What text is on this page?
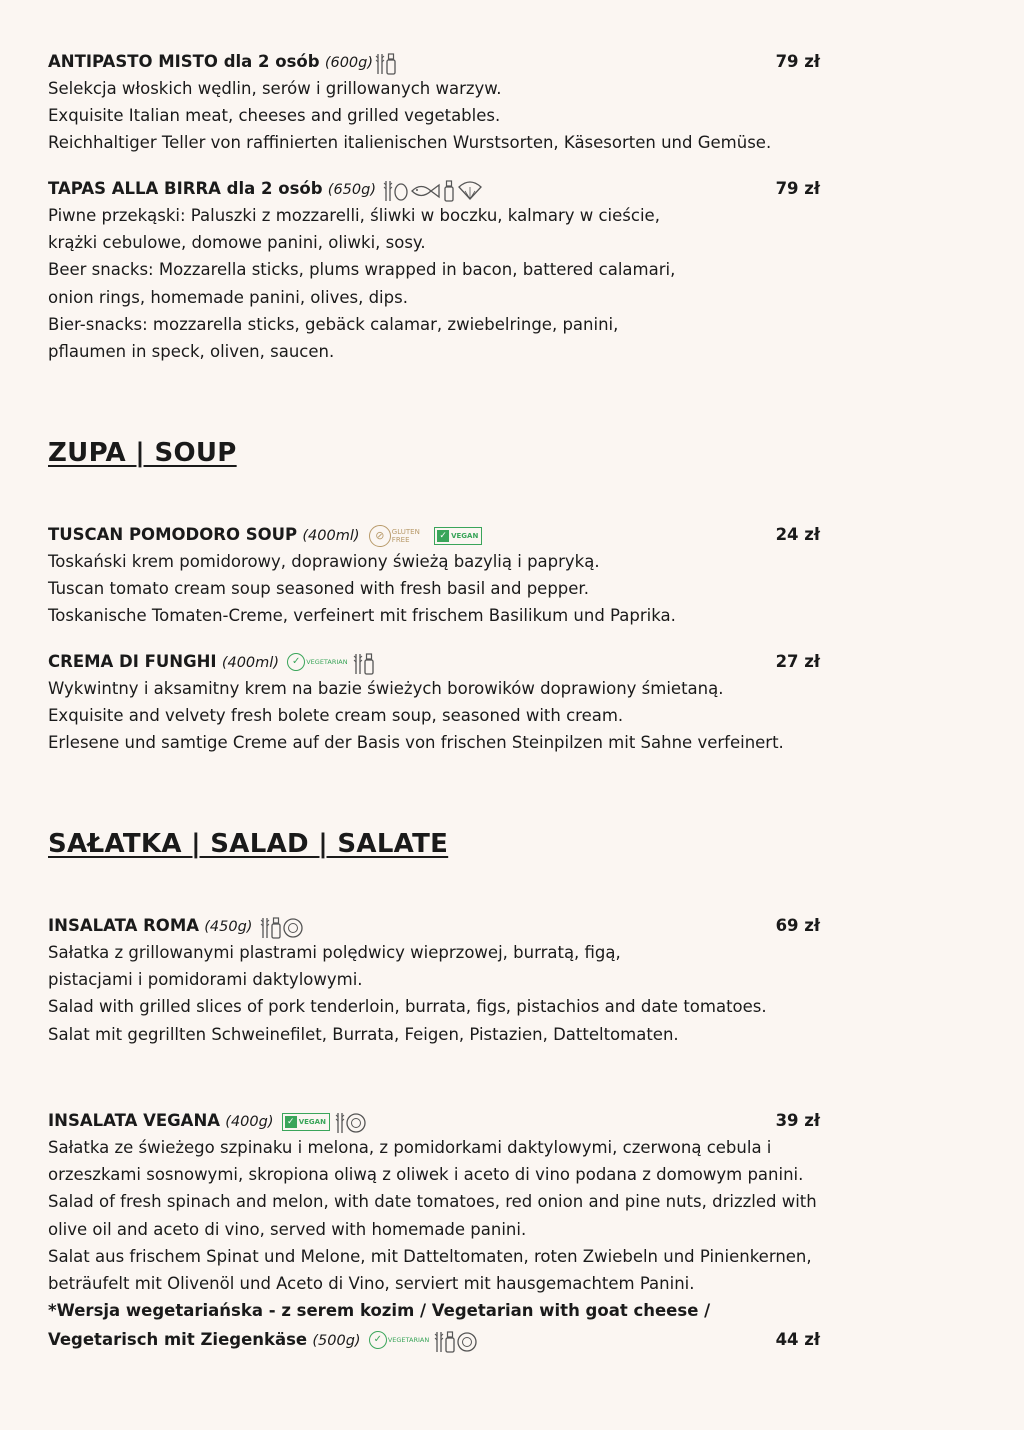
ANTIPASTO MISTO dla 2 osób (600g)	79 zł
Selekcja włoskich wędlin, serów i grillowanych warzyw.
Exquisite Italian meat, cheeses and grilled vegetables.
Reichhaltiger Teller von raffinierten italienischen Wurstsorten, Käsesorten und Gemüse.
TAPAS ALLA BIRRA dla 2 osób (650g)	79 zł
Piwne przekąski: Paluszki z mozzarelli, śliwki w boczku, kalmary w cieście,
krążki cebulowe, domowe panini, oliwki, sosy.
Beer snacks: Mozzarella sticks, plums wrapped in bacon, battered calamari,
onion rings, homemade panini, olives, dips.
Bier-snacks: mozzarella sticks, gebäck calamar, zwiebelringe, panini,
pflaumen in speck, oliven, saucen.
ZUPA | SOUP
TUSCAN POMODORO SOUP (400ml) ⊘ GLUTEN
FREE	✓ VEGAN	24 zł
Toskański krem pomidorowy, doprawiony świeżą bazylią i papryką.
Tuscan tomato cream soup seasoned with fresh basil and pepper.
Toskanische Tomaten-Creme, verfeinert mit frischem Basilikum und Paprika.
CREMA DI FUNGHI (400ml) ✓ VEGETARIAN	27 zł
Wykwintny i aksamitny krem na bazie świeżych borowików doprawiony śmietaną.
Exquisite and velvety fresh bolete cream soup, seasoned with cream.
Erlesene und samtige Creme auf der Basis von frischen Steinpilzen mit Sahne verfeinert.
SAŁATKA | SALAD | SALATE
INSALATA ROMA (450g)	69 zł
Sałatka z grillowanymi plastrami polędwicy wieprzowej, burratą, figą,
pistacjami i pomidorami daktylowymi.
Salad with grilled slices of pork tenderloin, burrata, figs, pistachios and date tomatoes.
Salat mit gegrillten Schweinefilet, Burrata, Feigen, Pistazien, Datteltomaten.
INSALATA VEGANA (400g) ✓ VEGAN	39 zł
Sałatka ze świeżego szpinaku i melona, z pomidorkami daktylowymi, czerwoną cebula i
orzeszkami sosnowymi, skropiona oliwą z oliwek i aceto di vino podana z domowym panini.
Salad of fresh spinach and melon, with date tomatoes, red onion and pine nuts, drizzled with
olive oil and aceto di vino, served with homemade panini.
Salat aus frischem Spinat und Melone, mit Datteltomaten, roten Zwiebeln und Pinienkernen,
beträufelt mit Olivenöl und Aceto di Vino, serviert mit hausgemachtem Panini.
*Wersja wegetariańska - z serem kozim / Vegetarian with goat cheese /
Vegetarisch mit Ziegenkäse (500g) ✓ VEGETARIAN	44 zł
